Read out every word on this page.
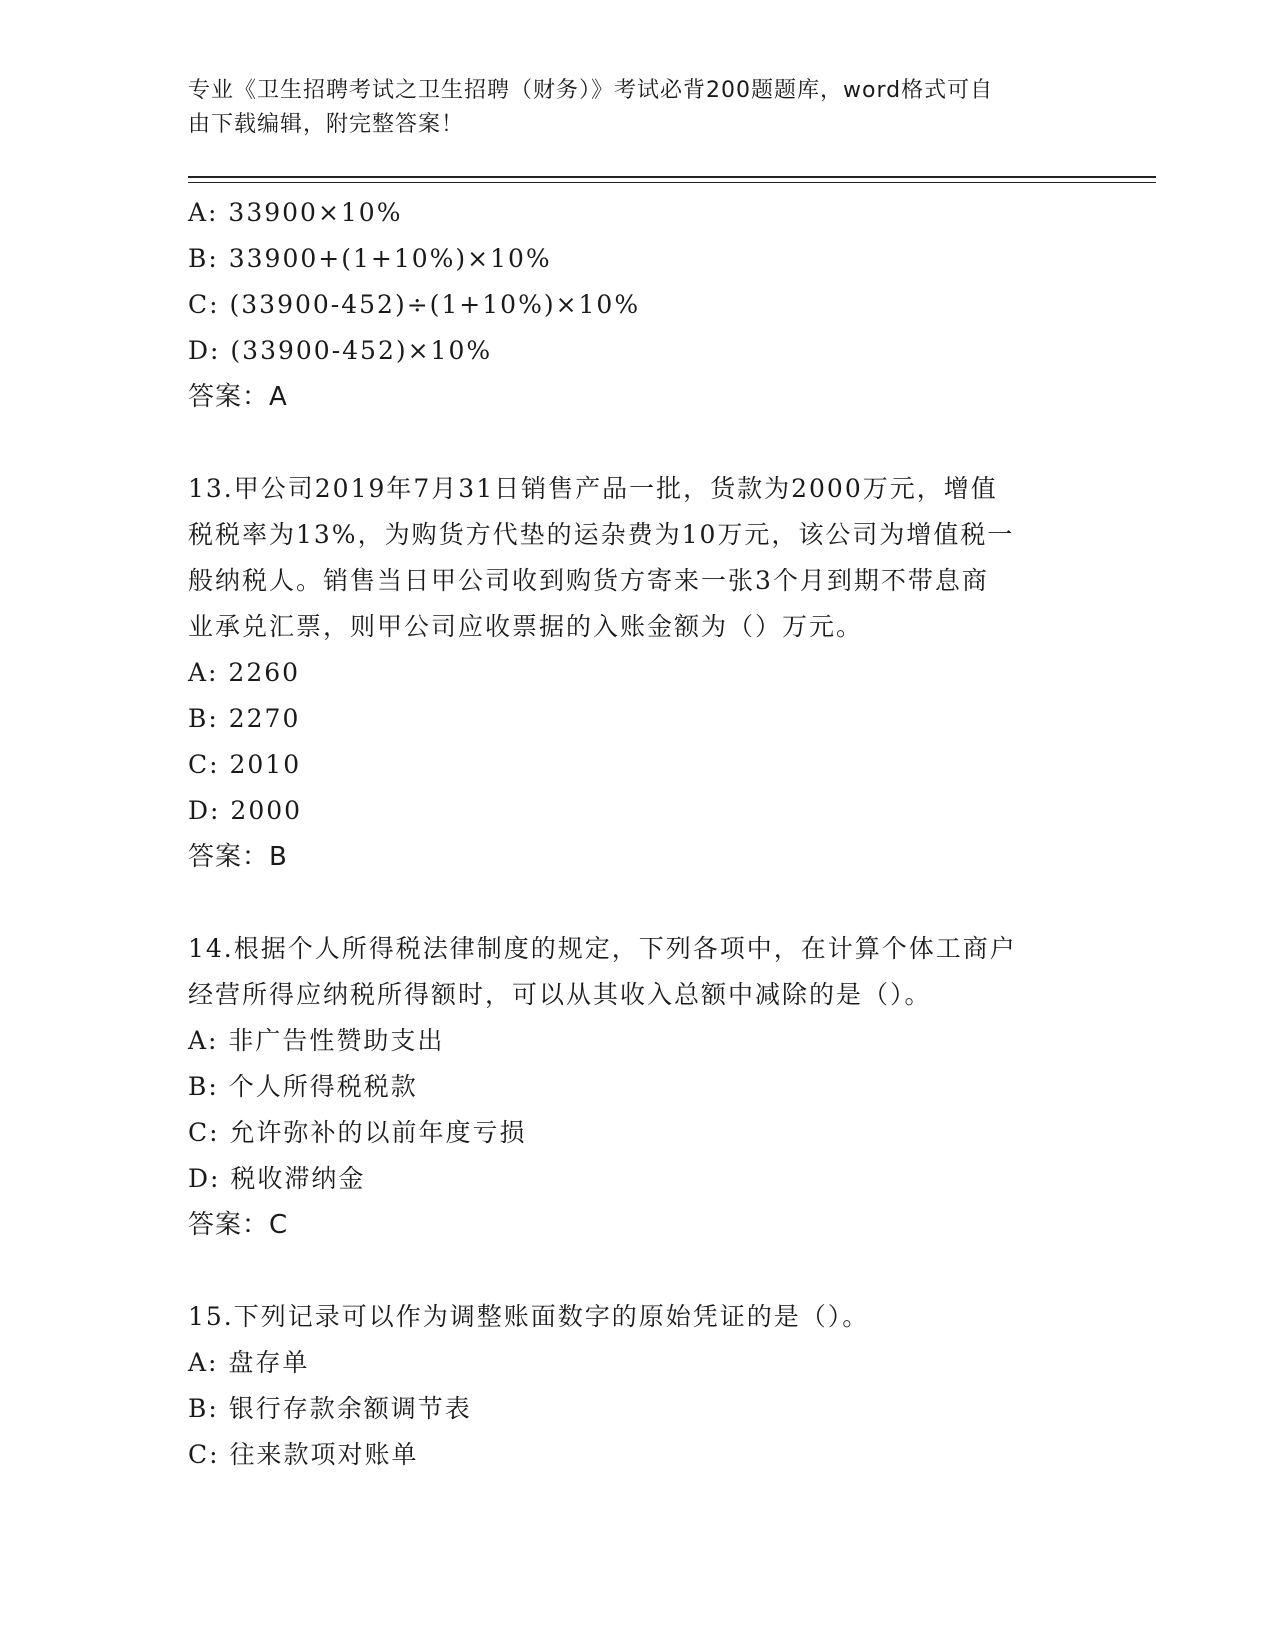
专业《卫生招聘考试之卫生招聘（财务）》考试必背200题题库，word格式可自
由下载编辑，附完整答案！
A: 33900×10%
B: 33900+(1+10%)×10%
C: (33900-452)÷(1+10%)×10%
D: (33900-452)×10%
答案：A
13.甲公司2019年7月31日销售产品一批，货款为2000万元，增值
税税率为13%，为购货方代垫的运杂费为10万元，该公司为增值税一
般纳税人。销售当日甲公司收到购货方寄来一张3个月到期不带息商
业承兑汇票，则甲公司应收票据的入账金额为（）万元。
A: 2260
B: 2270
C: 2010
D: 2000
答案：B
14.根据个人所得税法律制度的规定，下列各项中，在计算个体工商户
经营所得应纳税所得额时，可以从其收入总额中减除的是（）。
A: 非广告性赞助支出
B: 个人所得税税款
C: 允许弥补的以前年度亏损
D: 税收滞纳金
答案：C
15.下列记录可以作为调整账面数字的原始凭证的是（）。
A: 盘存单
B: 银行存款余额调节表
C: 往来款项对账单
